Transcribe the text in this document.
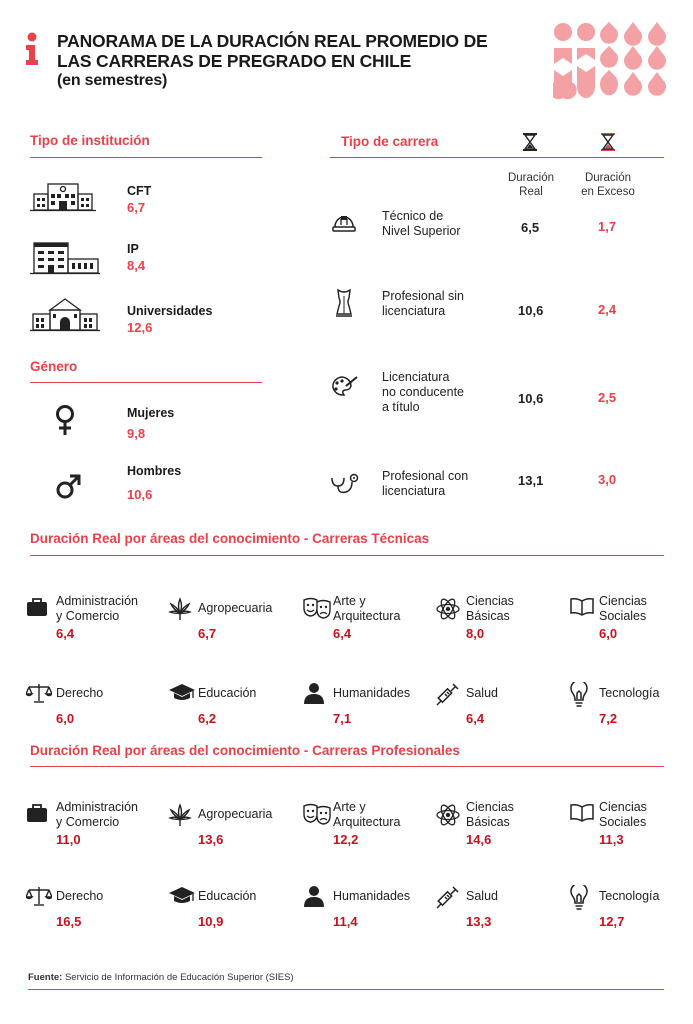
PANORAMA DE LA DURACIÓN REAL PROMEDIO DE
LAS CARRERAS DE PREGRADO EN CHILE
(en semestres)
Tipo de institución
CFT
6,7
IP
8,4
Universidades
12,6
Género
Mujeres
9,8
Hombres
10,6
Tipo de carrera
Duración
Real
Duración
en Exceso
Técnico de
Nivel Superior	6,5	1,7
Profesional sin
licenciatura	10,6	2,4
Licenciatura
no conducente
a título
10,6	2,5
Profesional con
licenciatura
13,1	3,0
Duración Real por áreas del conocimiento - Carreras Técnicas
Duración Real por áreas del conocimiento - Carreras Profesionales
Administración
y Comercio
6,4
Agropecuaria
6,7
Arte y
Arquitectura
6,4
Ciencias
Básicas
8,0
Ciencias
Sociales
6,0
Derecho
6,0
Educación
6,2
Humanidades
7,1
Salud
6,4
Tecnología
7,2
Administración
y Comercio
11,0
Agropecuaria
13,6
Arte y
Arquitectura
12,2
Ciencias
Básicas
14,6
Ciencias
Sociales
11,3
Derecho
16,5
Educación
10,9
Humanidades
11,4
Salud
13,3
Tecnología
12,7
Fuente: Servicio de Información de Educación Superior (SIES)
